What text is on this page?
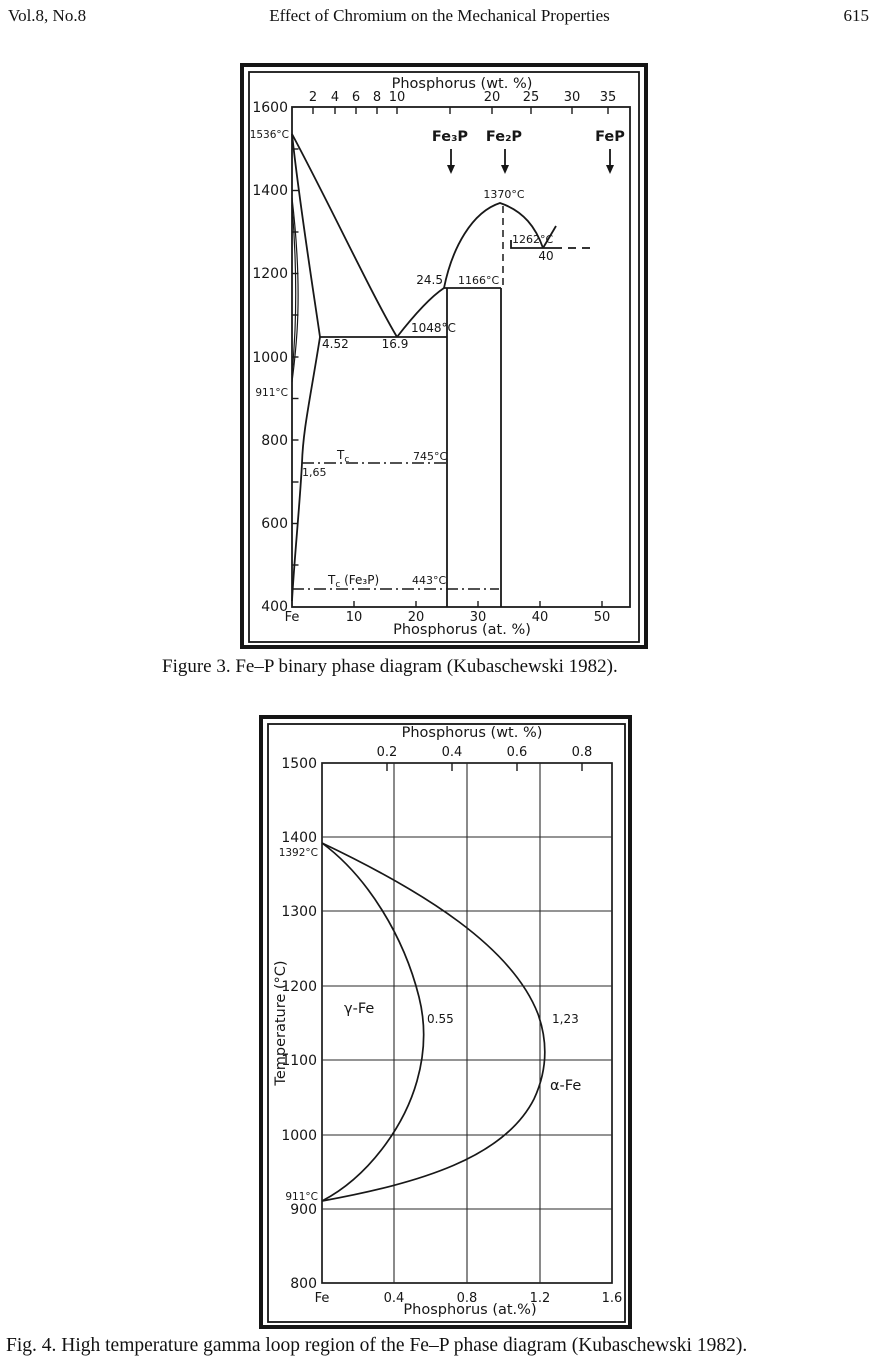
Vol.8, No.8	Effect of Chromium on the Mechanical Properties	615
Phosphorus (wt. %)
Phosphorus (at. %)
2 4 6 8 10	20 25 30 35
1600
1400
1200
1000
800
600
400
1536°C
911°C
Fe	10	20	30	40	50
Fe₃P Fe₂P	FeP
1370°C
1262°C
40
24.5 1166°C
1048°C
4.52	16.9
$T_c$	745°C
1,65
$T_c$ (Fe₃P)	443°C
Figure 3. Fe–P binary phase diagram (Kubaschewski 1982).
Phosphorus (wt. %)
Phosphorus (at.%)
Temperature (°C)
0.2	0.4	0.6	0.8
1500
1400
1300
1200
1100
1000
900
800
1392°C
911°C
Fe	0.4	0.8	1.2	1.6
γ-Fe
α-Fe
0.55	1,23
Fig. 4. High temperature gamma loop region of the Fe–P phase diagram (Kubaschewski 1982).
